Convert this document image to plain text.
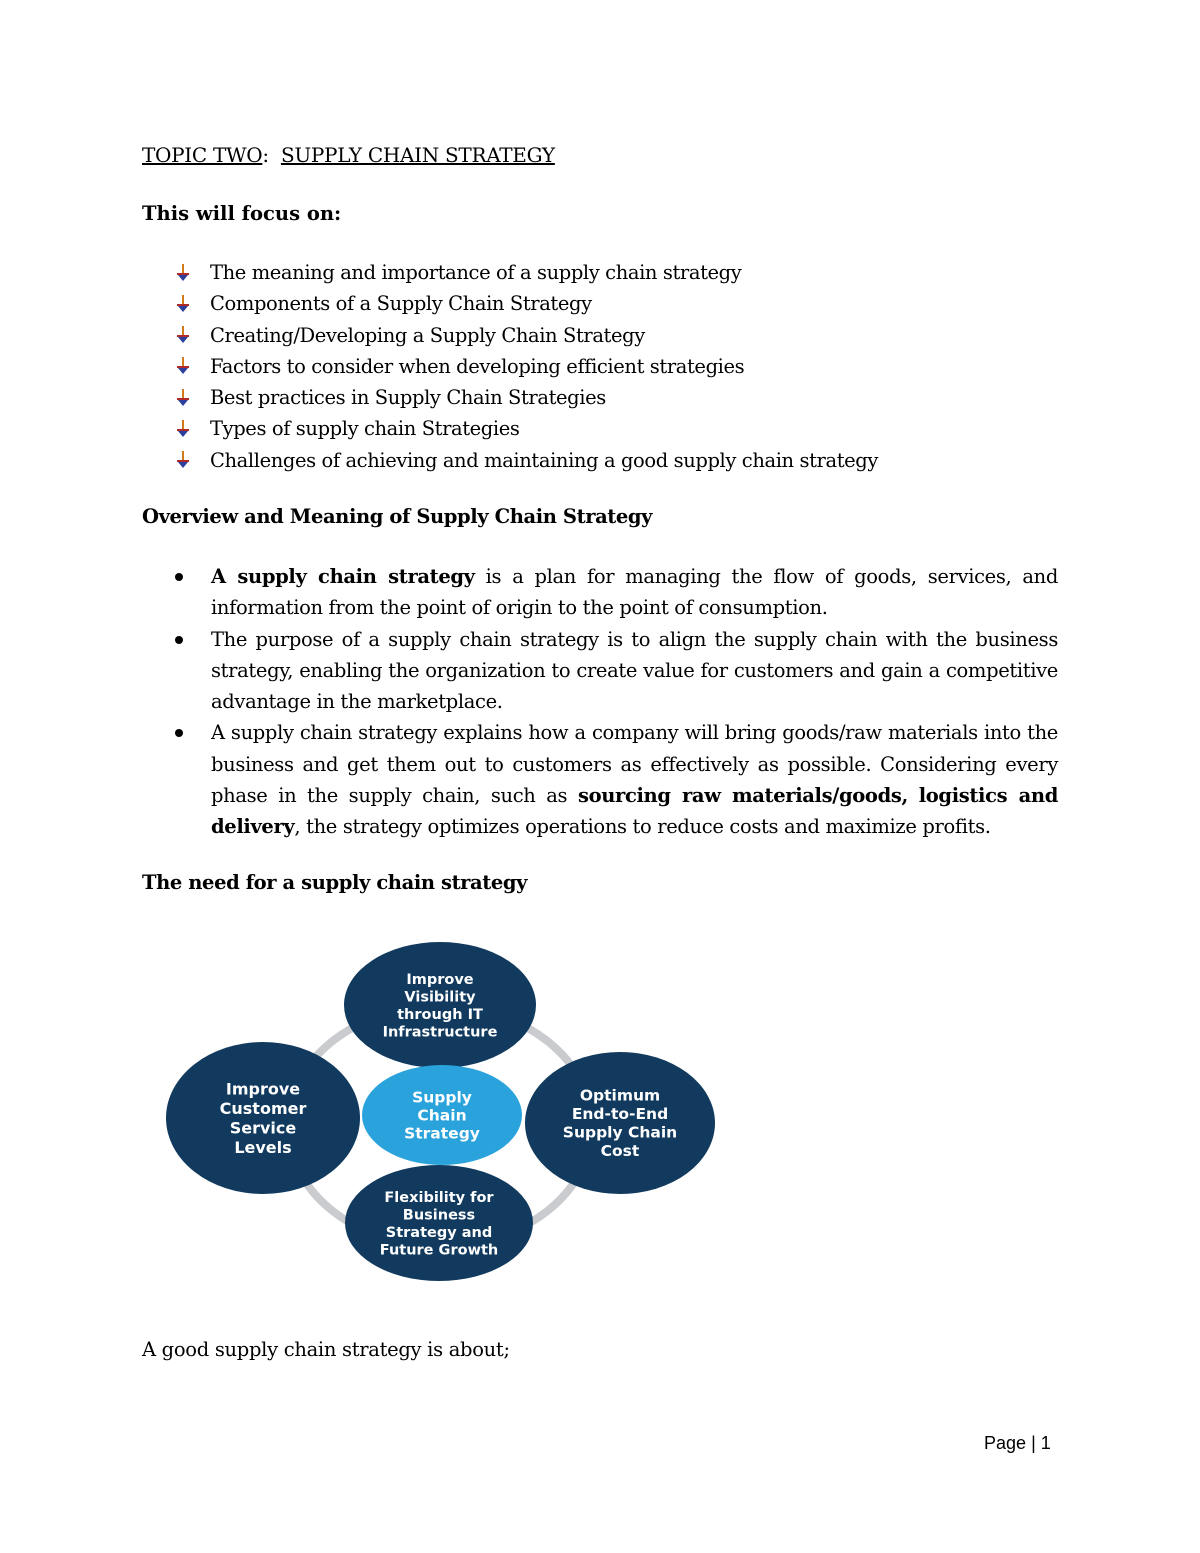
TOPIC TWO: SUPPLY CHAIN STRATEGY
This will focus on:
The meaning and importance of a supply chain strategy
Components of a Supply Chain Strategy
Creating/Developing a Supply Chain Strategy
Factors to consider when developing efficient strategies
Best practices in Supply Chain Strategies
Types of supply chain Strategies
Challenges of achieving and maintaining a good supply chain strategy
Overview and Meaning of Supply Chain Strategy
A supply chain strategy is a plan for managing the flow of goods, services, and information from the point of origin to the point of consumption.
The purpose of a supply chain strategy is to align the supply chain with the business strategy, enabling the organization to create value for customers and gain a competitive advantage in the marketplace.
A supply chain strategy explains how a company will bring goods/raw materials into the business and get them out to customers as effectively as possible. Considering every phase in the supply chain, such as sourcing raw materials/goods, logistics and delivery, the strategy optimizes operations to reduce costs and maximize profits.
The need for a supply chain strategy
Improve
Visibility
through IT
Infrastructure
Improve
Customer
Service
Levels
Optimum
End-to-End
Supply Chain
Cost
Flexibility for
Business
Strategy and
Future Growth
Supply
Chain
Strategy
A good supply chain strategy is about;
Page | 1
